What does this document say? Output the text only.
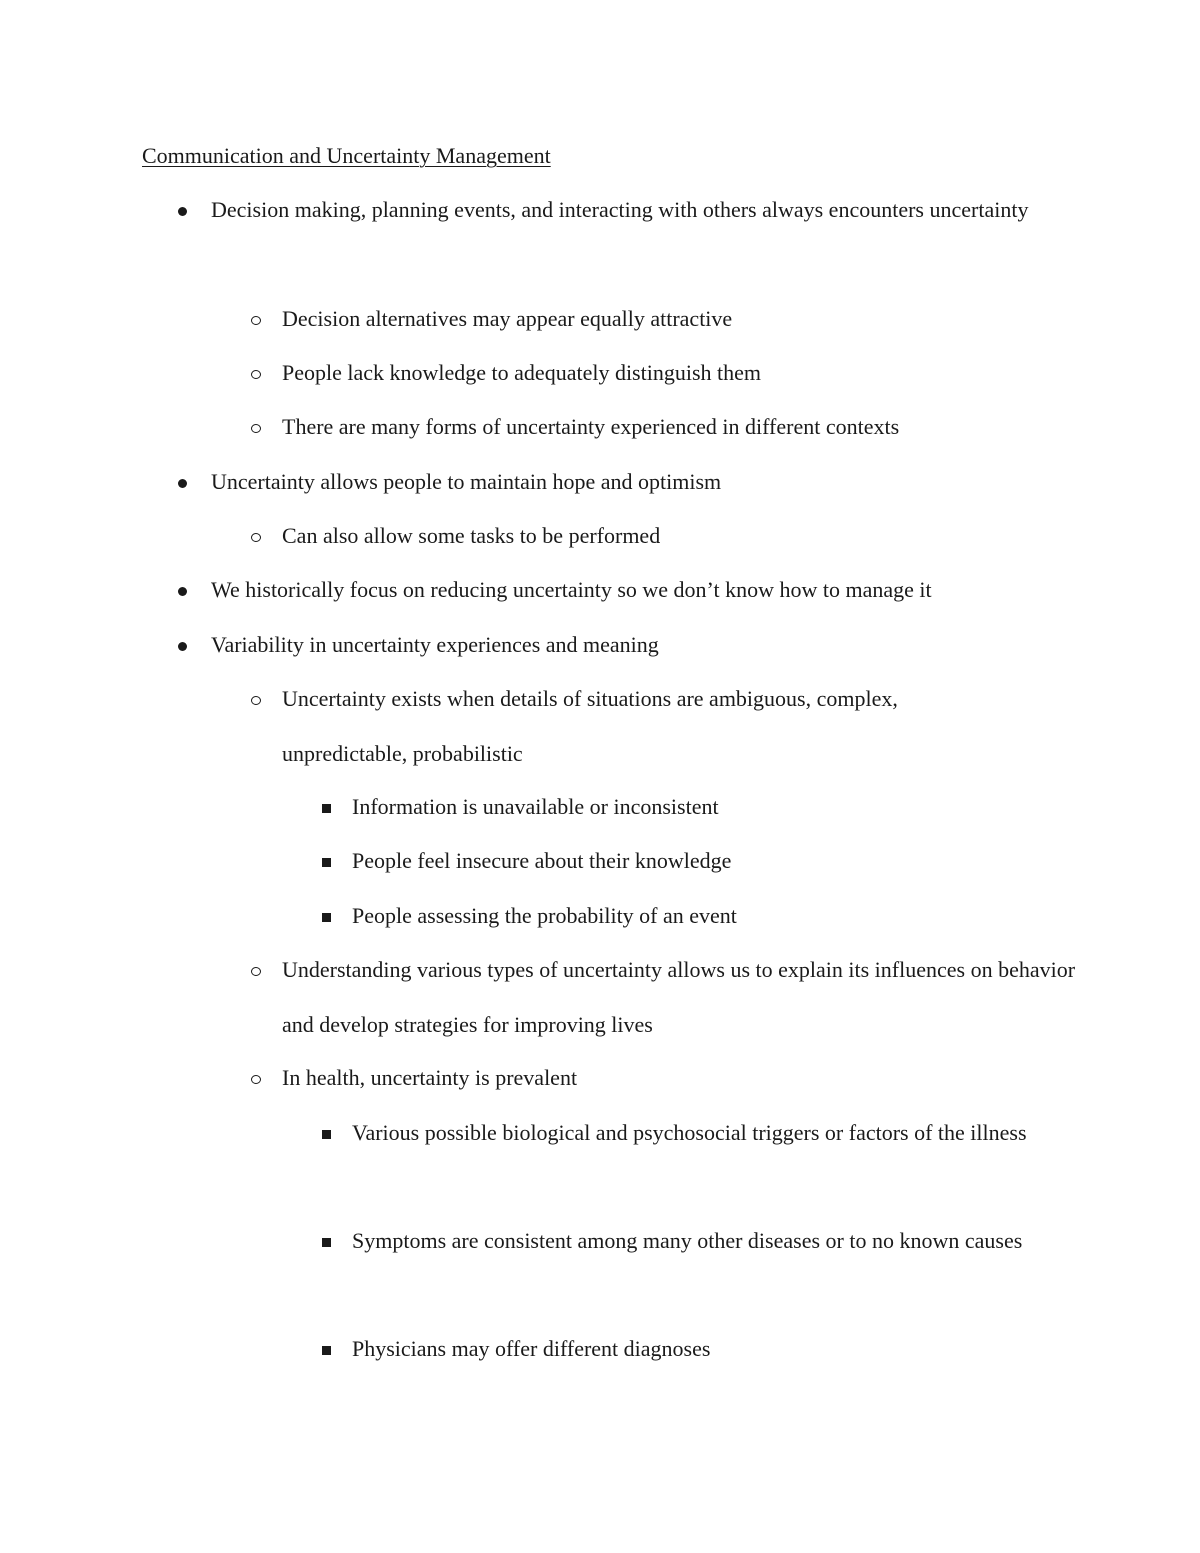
Communication and Uncertainty Management
Decision making, planning events, and interacting with others always encounters uncertainty
Decision alternatives may appear equally attractive
People lack knowledge to adequately distinguish them
There are many forms of uncertainty experienced in different contexts
Uncertainty allows people to maintain hope and optimism
Can also allow some tasks to be performed
We historically focus on reducing uncertainty so we don’t know how to manage it
Variability in uncertainty experiences and meaning
Uncertainty exists when details of situations are ambiguous, complex, unpredictable, probabilistic
Information is unavailable or inconsistent
People feel insecure about their knowledge
People assessing the probability of an event
Understanding various types of uncertainty allows us to explain its influences on behavior and develop strategies for improving lives
In health, uncertainty is prevalent
Various possible biological and psychosocial triggers or factors of the illness
Symptoms are consistent among many other diseases or to no known causes
Physicians may offer different diagnoses
